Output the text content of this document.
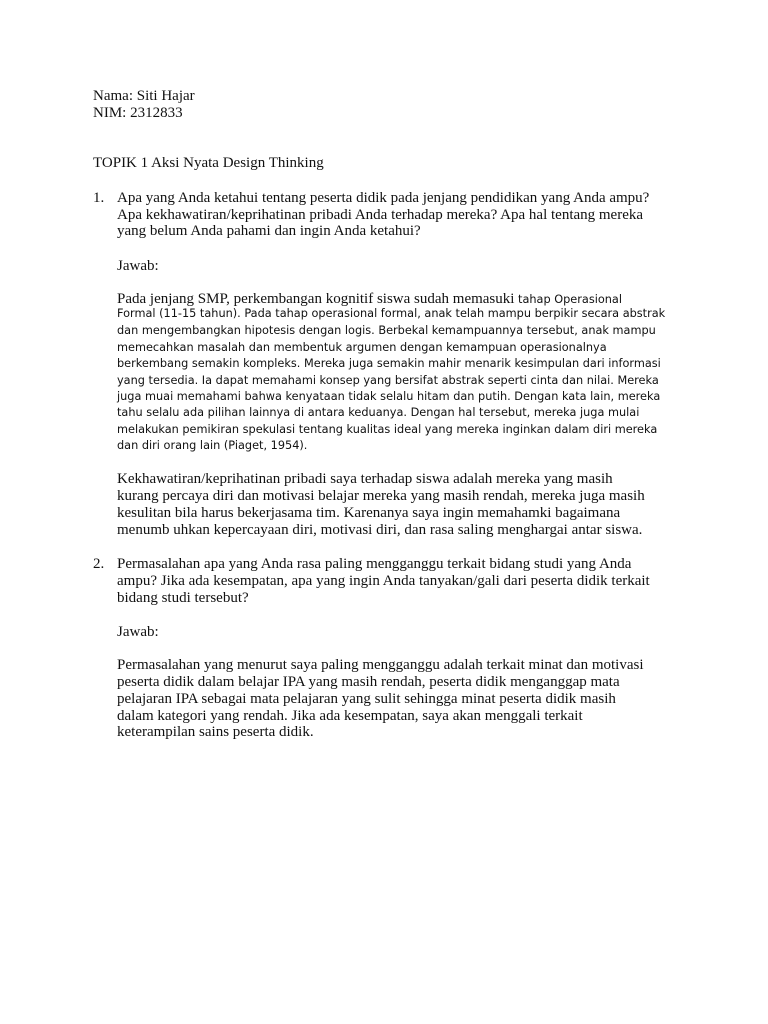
Nama: Siti Hajar
NIM: 2312833
TOPIK 1 Aksi Nyata Design Thinking
1. Apa yang Anda ketahui tentang peserta didik pada jenjang pendidikan yang Anda ampu?
Apa kekhawatiran/keprihatinan pribadi Anda terhadap mereka? Apa hal tentang mereka
yang belum Anda pahami dan ingin Anda ketahui?
Jawab:
Pada jenjang SMP, perkembangan kognitif siswa sudah memasuki tahap Operasional
Formal (11-15 tahun). Pada tahap operasional formal, anak telah mampu berpikir secara abstrak
dan mengembangkan hipotesis dengan logis. Berbekal kemampuannya tersebut, anak mampu
memecahkan masalah dan membentuk argumen dengan kemampuan operasionalnya
berkembang semakin kompleks. Mereka juga semakin mahir menarik kesimpulan dari informasi
yang tersedia. Ia dapat memahami konsep yang bersifat abstrak seperti cinta dan nilai. Mereka
juga muai memahami bahwa kenyataan tidak selalu hitam dan putih. Dengan kata lain, mereka
tahu selalu ada pilihan lainnya di antara keduanya. Dengan hal tersebut, mereka juga mulai
melakukan pemikiran spekulasi tentang kualitas ideal yang mereka inginkan dalam diri mereka
dan diri orang lain (Piaget, 1954).
Kekhawatiran/keprihatinan pribadi saya terhadap siswa adalah mereka yang masih
kurang percaya diri dan motivasi belajar mereka yang masih rendah, mereka juga masih
kesulitan bila harus bekerjasama tim. Karenanya saya ingin memahamki bagaimana
menumb uhkan kepercayaan diri, motivasi diri, dan rasa saling menghargai antar siswa.
2. Permasalahan apa yang Anda rasa paling mengganggu terkait bidang studi yang Anda
ampu? Jika ada kesempatan, apa yang ingin Anda tanyakan/gali dari peserta didik terkait
bidang studi tersebut?
Jawab:
Permasalahan yang menurut saya paling mengganggu adalah terkait minat dan motivasi
peserta didik dalam belajar IPA yang masih rendah, peserta didik menganggap mata
pelajaran IPA sebagai mata pelajaran yang sulit sehingga minat peserta didik masih
dalam kategori yang rendah. Jika ada kesempatan, saya akan menggali terkait
keterampilan sains peserta didik.
